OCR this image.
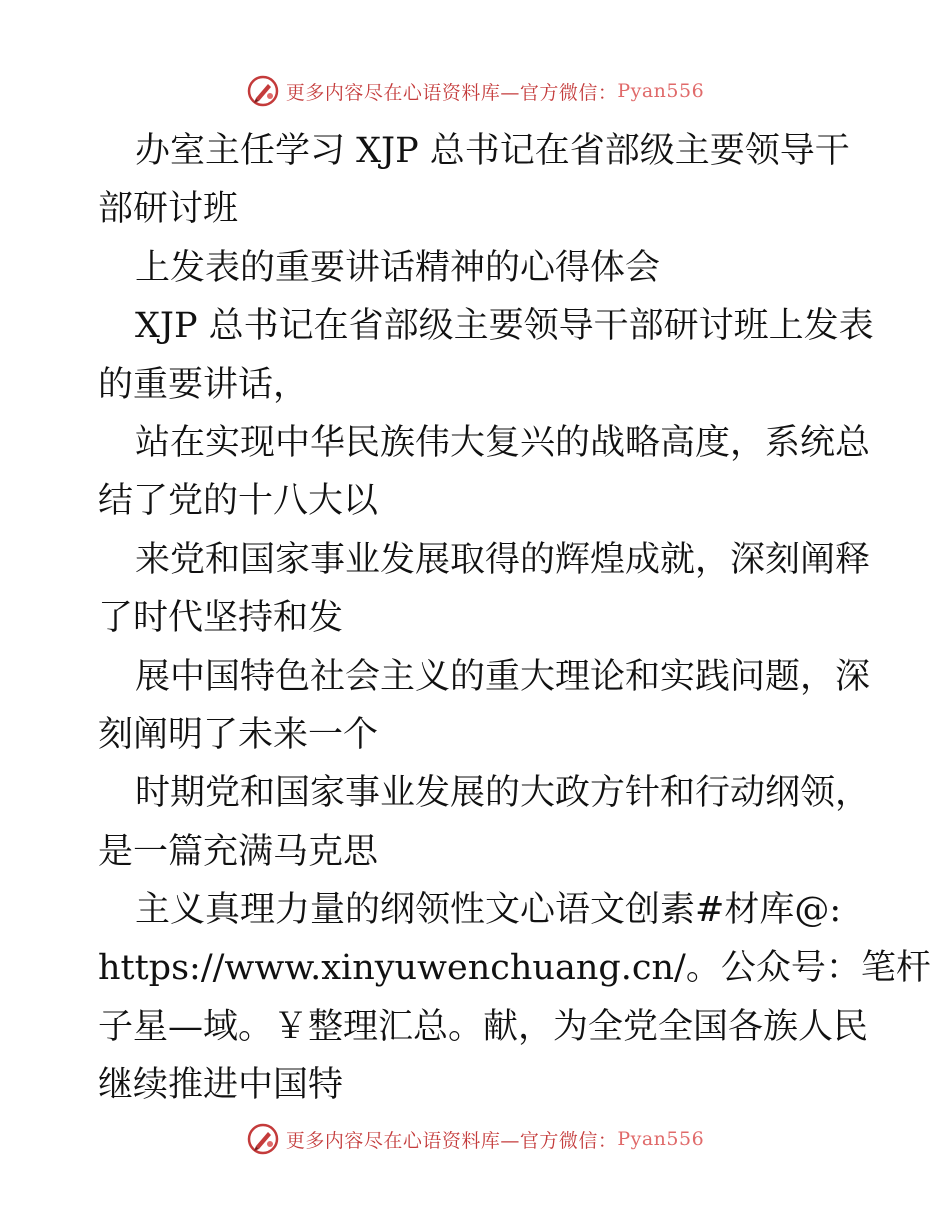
更多内容尽在心语资料库—官方微信： Pyan556
办室主任学习 XJP 总书记在省部级主要领导干
部研讨班
上发表的重要讲话精神的心得体会
XJP 总书记在省部级主要领导干部研讨班上发表
的重要讲话，
站在实现中华民族伟大复兴的战略高度，系统总
结了党的十八大以
来党和国家事业发展取得的辉煌成就，深刻阐释
了时代坚持和发
展中国特色社会主义的重大理论和实践问题，深
刻阐明了未来一个
时期党和国家事业发展的大政方针和行动纲领，
是一篇充满马克思
主义真理力量的纲领性文心语文创素#材库@:
https://www.xinyuwenchuang.cn/。公众号：笔杆
子星—域。￥整理汇总。献，为全党全国各族人民
继续推进中国特
更多内容尽在心语资料库—官方微信： Pyan556
